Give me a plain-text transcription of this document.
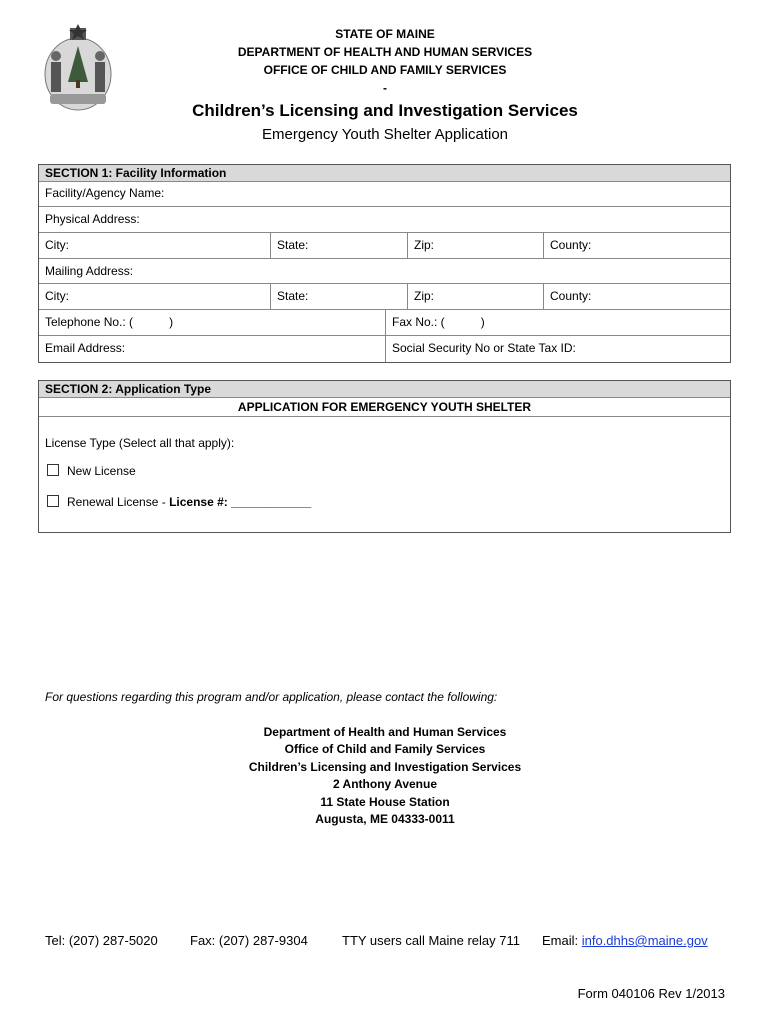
STATE OF MAINE
DEPARTMENT OF HEALTH AND HUMAN SERVICES
OFFICE OF CHILD AND FAMILY SERVICES
-
Children’s Licensing and Investigation Services
Emergency Youth Shelter Application
SECTION 1: Facility Information
Facility/Agency Name:
Physical Address:
City:	State:	Zip:	County:
Mailing Address:
City:	State:	Zip:	County:
Telephone No.: (	)	Fax No.: (	)
Email Address:	Social Security No or State Tax ID:
SECTION 2: Application Type
APPLICATION FOR EMERGENCY YOUTH SHELTER
License Type (Select all that apply):
New License
Renewal License - License #: ____________
For questions regarding this program and/or application, please contact the following:
Department of Health and Human Services
Office of Child and Family Services
Children’s Licensing and Investigation Services
2 Anthony Avenue
11 State House Station
Augusta, ME 04333-0011
Tel: (207) 287-5020 Fax: (207) 287-9304	TTY users call Maine relay 711 Email: info.dhhs@maine.gov
Form 040106 Rev 1/2013
